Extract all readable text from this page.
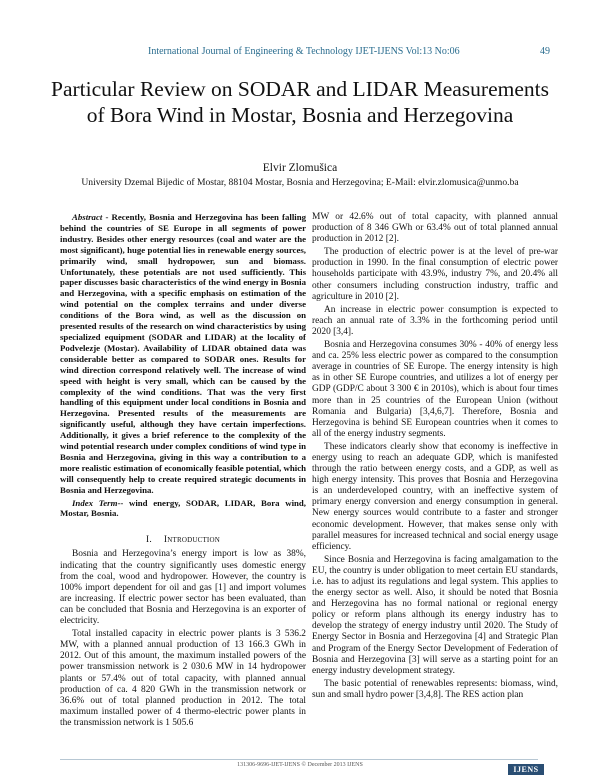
International Journal of Engineering & Technology IJET-IJENS Vol:13 No:06	49
Particular Review on SODAR and LIDAR Measurements of Bora Wind in Mostar, Bosnia and Herzegovina
Elvir Zlomušica
University Dzemal Bijedic of Mostar, 88104 Mostar, Bosnia and Herzegovina; E-Mail: elvir.zlomusica@unmo.ba

Abstract - Recently, Bosnia and Herzegovina has been falling behind the countries of SE Europe in all segments of power industry. Besides other energy resources (coal and water are the most significant), huge potential lies in renewable energy sources, primarily wind, small hydropower, sun and biomass. Unfortunately, these potentials are not used sufficiently. This paper discusses basic characteristics of the wind energy in Bosnia and Herzegovina, with a specific emphasis on estimation of the wind potential on the complex terrains and under diverse conditions of the Bora wind, as well as the discussion on presented results of the research on wind characteristics by using specialized equipment (SODAR and LIDAR) at the locality of Podvelezje (Mostar). Availability of LIDAR obtained data was considerable better as compared to SODAR ones. Results for wind direction correspond relatively well. The increase of wind speed with height is very small, which can be caused by the complexity of the wind conditions. That was the very first handling of this equipment under local conditions in Bosnia and Herzegovina. Presented results of the measurements are significantly useful, although they have certain imperfections. Additionally, it gives a brief reference to the complexity of the wind potential research under complex conditions of wind type in Bosnia and Herzegovina, giving in this way a contribution to a more realistic estimation of economically feasible potential, which will consequently help to create required strategic documents in Bosnia and Herzegovina.

Index Term-- wind energy, SODAR, LIDAR, Bora wind, Mostar, Bosnia.

I. Introduction

Bosnia and Herzegovina’s energy import is low as 38%, indicating that the country significantly uses domestic energy from the coal, wood and hydropower. However, the country is 100% import dependent for oil and gas [1] and import volumes are increasing. If electric power sector has been evaluated, than can be concluded that Bosnia and Herzegovina is an exporter of electricity.

Total installed capacity in electric power plants is 3 536.2 MW, with a planned annual production of 13 166.3 GWh in 2012. Out of this amount, the maximum installed powers of the power transmission network is 2 030.6 MW in 14 hydropower plants or 57.4% out of total capacity, with planned annual production of ca. 4 820 GWh in the transmission network or 36.6% out of total planned production in 2012. The total maximum installed power of 4 thermo-electric power plants in the transmission network is 1 505.6

MW or 42.6% out of total capacity, with planned annual production of 8 346 GWh or 63.4% out of total planned annual production in 2012 [2].

The production of electric power is at the level of pre-war production in 1990. In the final consumption of electric power households participate with 43.9%, industry 7%, and 20.4% all other consumers including construction industry, traffic and agriculture in 2010 [2].

An increase in electric power consumption is expected to reach an annual rate of 3.3% in the forthcoming period until 2020 [3,4].

Bosnia and Herzegovina consumes 30% - 40% of energy less and ca. 25% less electric power as compared to the consumption average in countries of SE Europe. The energy intensity is high as in other SE Europe countries, and utilizes a lot of energy per GDP (GDP/C about 3 300 € in 2010s), which is about four times more than in 25 countries of the European Union (without Romania and Bulgaria) [3,4,6,7]. Therefore, Bosnia and Herzegovina is behind SE European countries when it comes to all of the energy industry segments.

These indicators clearly show that economy is ineffective in energy using to reach an adequate GDP, which is manifested through the ratio between energy costs, and a GDP, as well as high energy intensity. This proves that Bosnia and Herzegovina is an underdeveloped country, with an ineffective system of primary energy conversion and energy consumption in general. New energy sources would contribute to a faster and stronger economic development. However, that makes sense only with parallel measures for increased technical and social energy usage efficiency.

Since Bosnia and Herzegovina is facing amalgamation to the EU, the country is under obligation to meet certain EU standards, i.e. has to adjust its regulations and legal system. This applies to the energy sector as well. Also, it should be noted that Bosnia and Herzegovina has no formal national or regional energy policy or reform plans although its energy industry has to develop the strategy of energy industry until 2020. The Study of Energy Sector in Bosnia and Herzegovina [4] and Strategic Plan and Program of the Energy Sector Development of Federation of Bosnia and Herzegovina [3] will serve as a starting point for an energy industry development strategy.

The basic potential of renewables represents: biomass, wind, sun and small hydro power [3,4,8]. The RES action plan

131306-9696-IJET-IJENS © December 2013 IJENS	IJENS
